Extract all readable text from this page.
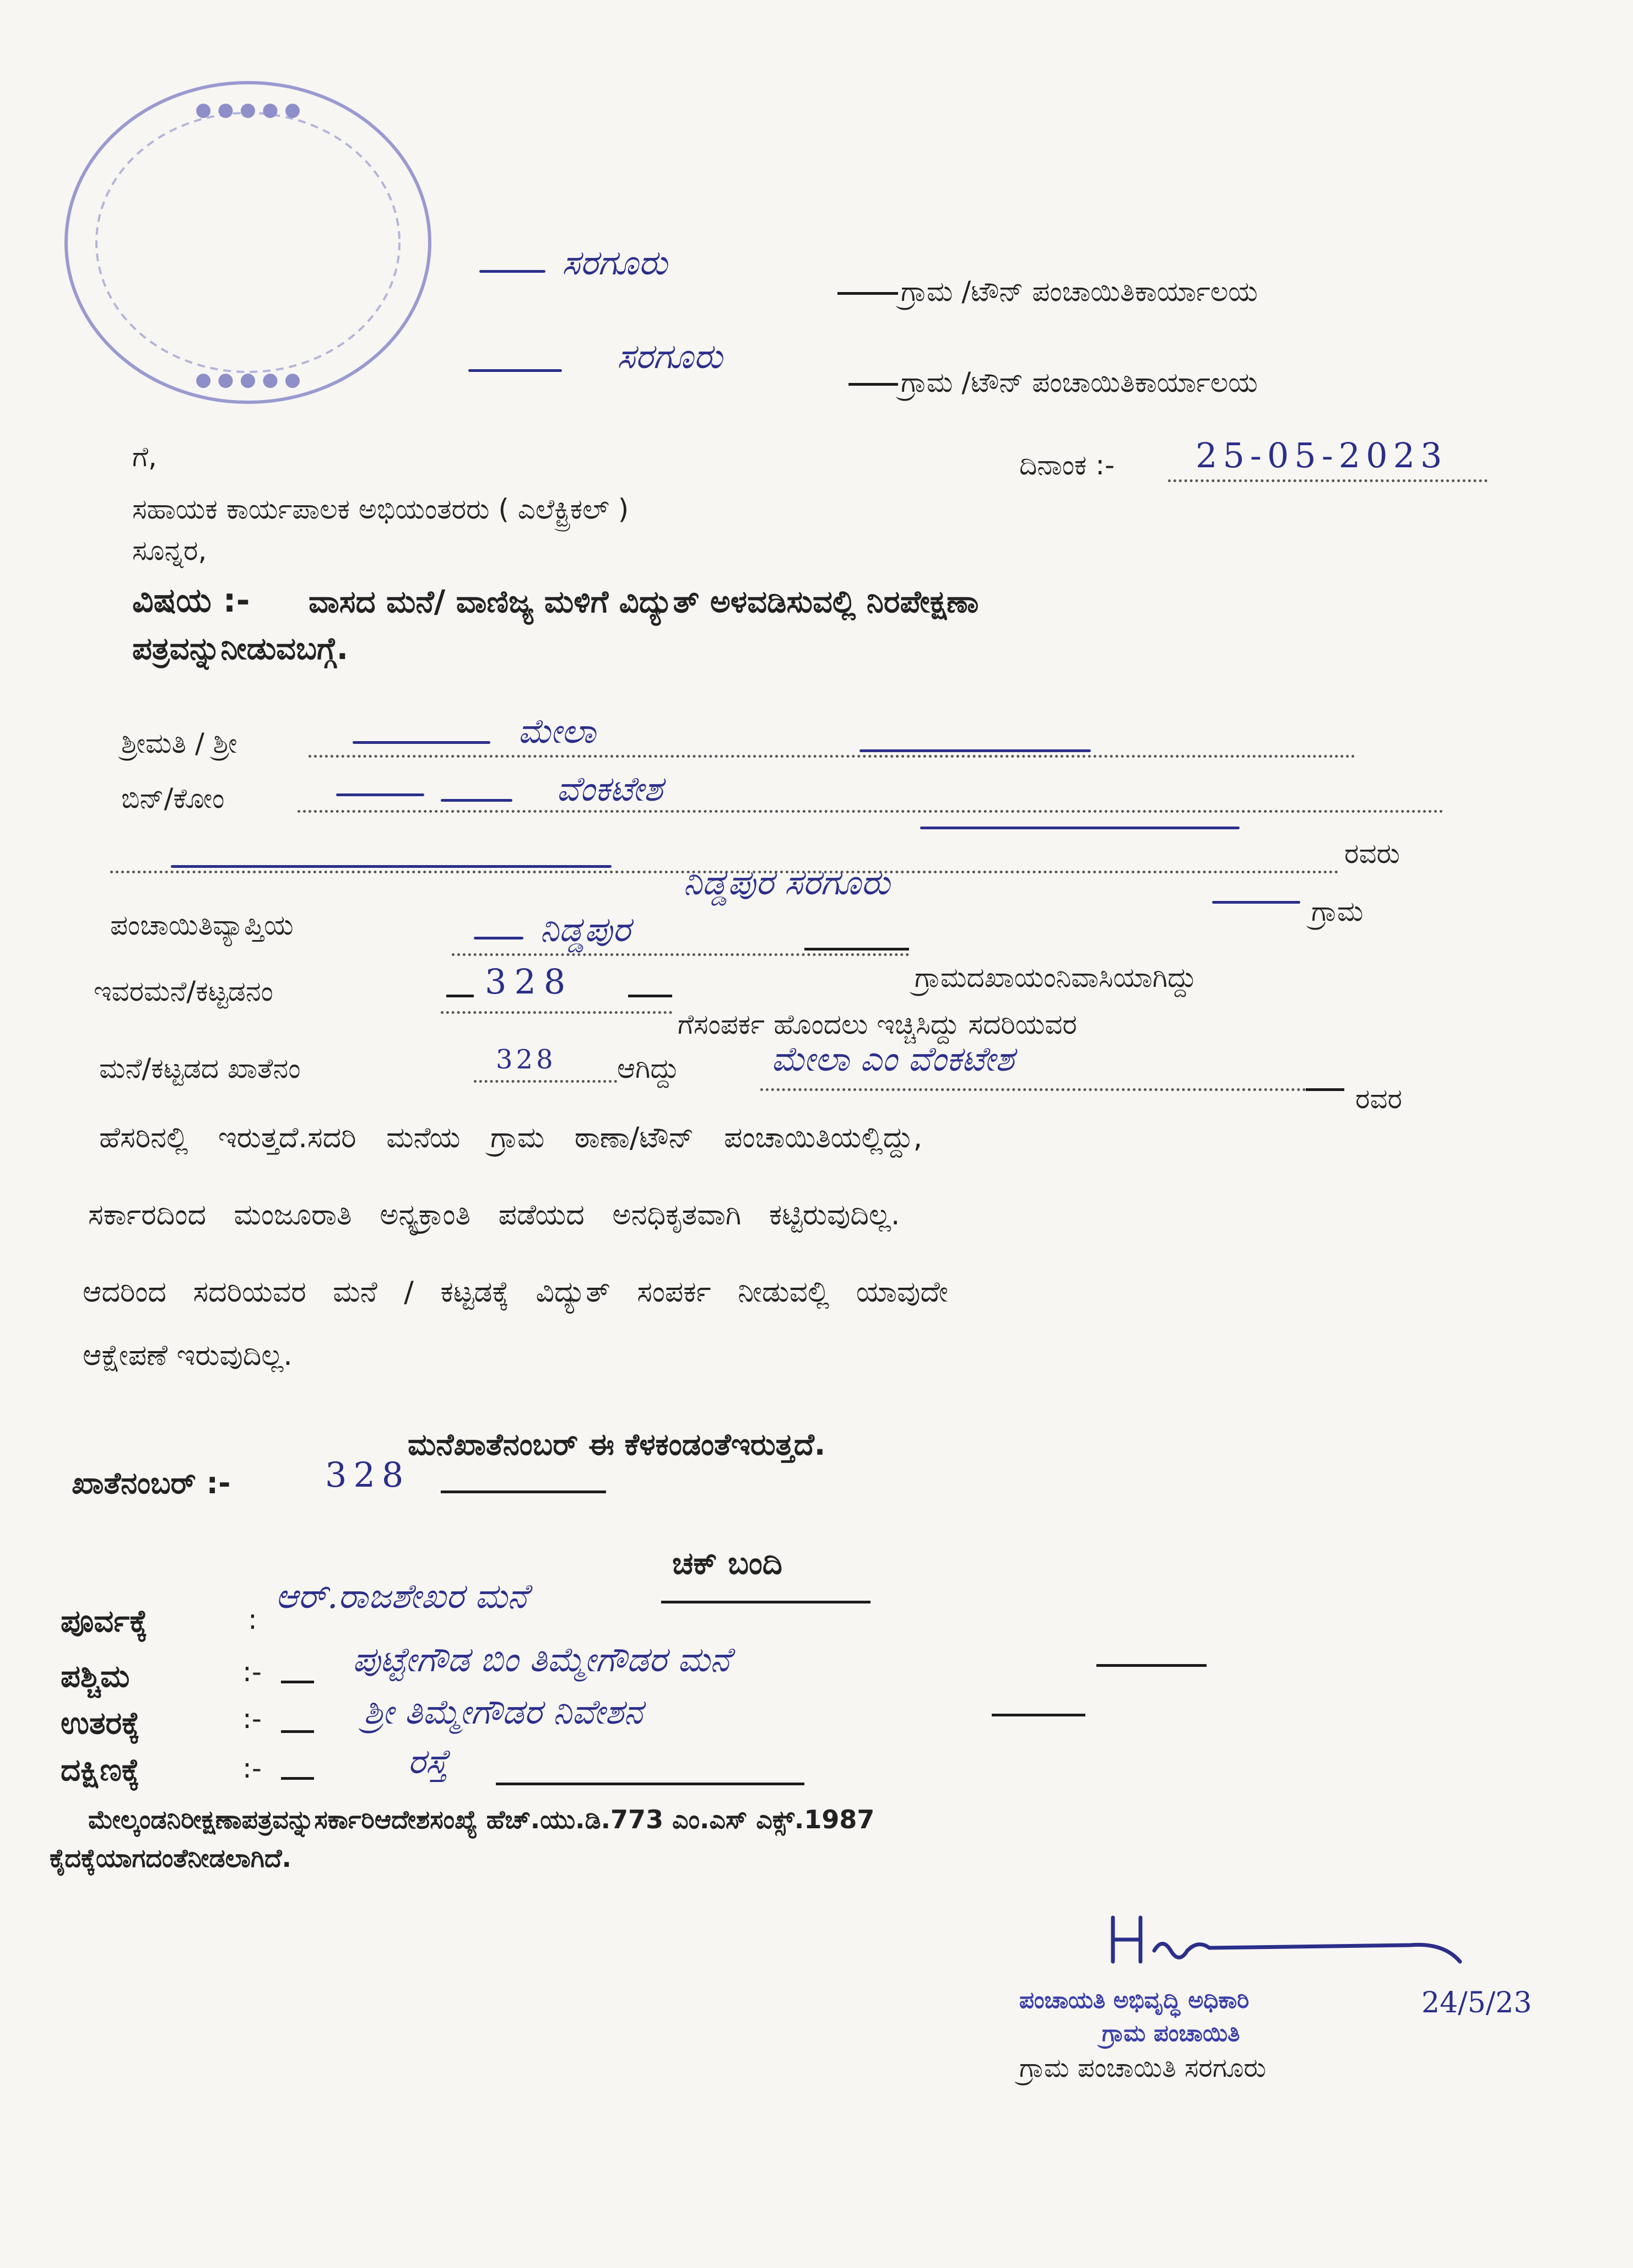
● ● ● ● ●
● ● ● ● ●
ಸರಗೂರು
ಗ್ರಾಮ /ಟೌನ್ ಪಂಚಾಯಿತಿಕಾರ್ಯಾಲಯ
ಸರಗೂರು
ಗ್ರಾಮ /ಟೌನ್ ಪಂಚಾಯಿತಿಕಾರ್ಯಾಲಯ
ಗೆ,	ದಿನಾಂಕ :- 25-05-2023
ಸಹಾಯಕ ಕಾರ್ಯಪಾಲಕ ಅಭಿಯಂತರರು ( ಎಲೆಕ್ಟ್ರಿಕಲ್ )
ಸೂನ್ನರ,
ವಿಷಯ :- ವಾಸದ ಮನೆ/ ವಾಣಿಜ್ಯ ಮಳಿಗೆ ವಿದ್ಯುತ್ ಅಳವಡಿಸುವಲ್ಲಿ ನಿರಪೇಕ್ಷಣಾ
ಪತ್ರವನ್ನುನೀಡುವಬಗ್ಗೆ.
ಶ್ರೀಮತಿ / ಶ್ರೀ	ಮೇಲಾ
ಬಿನ್/ಕೋಂ	ವೆಂಕಟೇಶ
ರವರು
ನಿಡ್ಡಪುರ ಸರಗೂರು
ಗ್ರಾಮ
ಪಂಚಾಯಿತಿವ್ಯಾಪ್ತಿಯ	ನಿಡ್ಡಪುರ
ಗ್ರಾಮದಖಾಯಂನಿವಾಸಿಯಾಗಿದ್ದು
ಇವರಮನೆ/ಕಟ್ಟಡನಂ	328
ಗೆಸಂಪರ್ಕ ಹೊಂದಲು ಇಚ್ಚಿಸಿದ್ದು ಸದರಿಯವರ
ಮನೆ/ಕಟ್ಟಡದ ಖಾತೆನಂ	328 ಆಗಿದ್ದು	ಮೇಲಾ ಎಂ ವೆಂಕಟೇಶ
ರವರ
ಹೆಸರಿನಲ್ಲಿ ಇರುತ್ತದೆ.ಸದರಿ ಮನೆಯ ಗ್ರಾಮ ಠಾಣಾ/ಟೌನ್ ಪಂಚಾಯಿತಿಯಲ್ಲಿದ್ದು,
ಸರ್ಕಾರದಿಂದ ಮಂಜೂರಾತಿ ಅನ್ಯಕ್ರಾಂತಿ ಪಡೆಯದ ಅನಧಿಕೃತವಾಗಿ ಕಟ್ಟಿರುವುದಿಲ್ಲ.
ಆದರಿಂದ ಸದರಿಯವರ ಮನೆ / ಕಟ್ಟಡಕ್ಕೆ ವಿದ್ಯುತ್ ಸಂಪರ್ಕ ನೀಡುವಲ್ಲಿ ಯಾವುದೇ
ಆಕ್ಷೇಪಣೆ ಇರುವುದಿಲ್ಲ.
ಮನೆಖಾತೆನಂಬರ್ ಈ ಕೆಳಕಂಡಂತೆಇರುತ್ತದೆ.
ಖಾತೆನಂಬರ್ :-	328
ಚಕ್ ಬಂದಿ
ಪೂರ್ವಕ್ಕೆ	:
ಆರ್.ರಾಜಶೇಖರ ಮನೆ
ಪಶ್ಚಿಮ	:-	ಪುಟ್ಟೇಗೌಡ ಬಿಂ ತಿಮ್ಮೇಗೌಡರ ಮನೆ
ಉತರಕ್ಕೆ	:-	ಶ್ರೀ ತಿಮ್ಮೇಗೌಡರ ನಿವೇಶನ
ದಕ್ಷಿಣಕ್ಕೆ	:-	ರಸ್ತೆ
ಮೇಲ್ಕಂಡನಿರೀಕ್ಷಣಾಪತ್ರವನ್ನುಸರ್ಕಾರಿಆದೇಶಸಂಖ್ಯೆ ಹೆಚ್.ಯು.ಡಿ.773 ಎಂ.ಎಸ್ ಎಕ್ಸ್.1987
ಕೈದಕ್ಕೆಯಾಗದಂತೆನೀಡಲಾಗಿದೆ.
ಪಂಚಾಯತಿ ಅಭಿವೃದ್ಧಿ ಅಧಿಕಾರಿ	24/5/23
ಗ್ರಾಮ ಪಂಚಾಯಿತಿ
ಗ್ರಾಮ ಪಂಚಾಯಿತಿ ಸರಗೂರು
